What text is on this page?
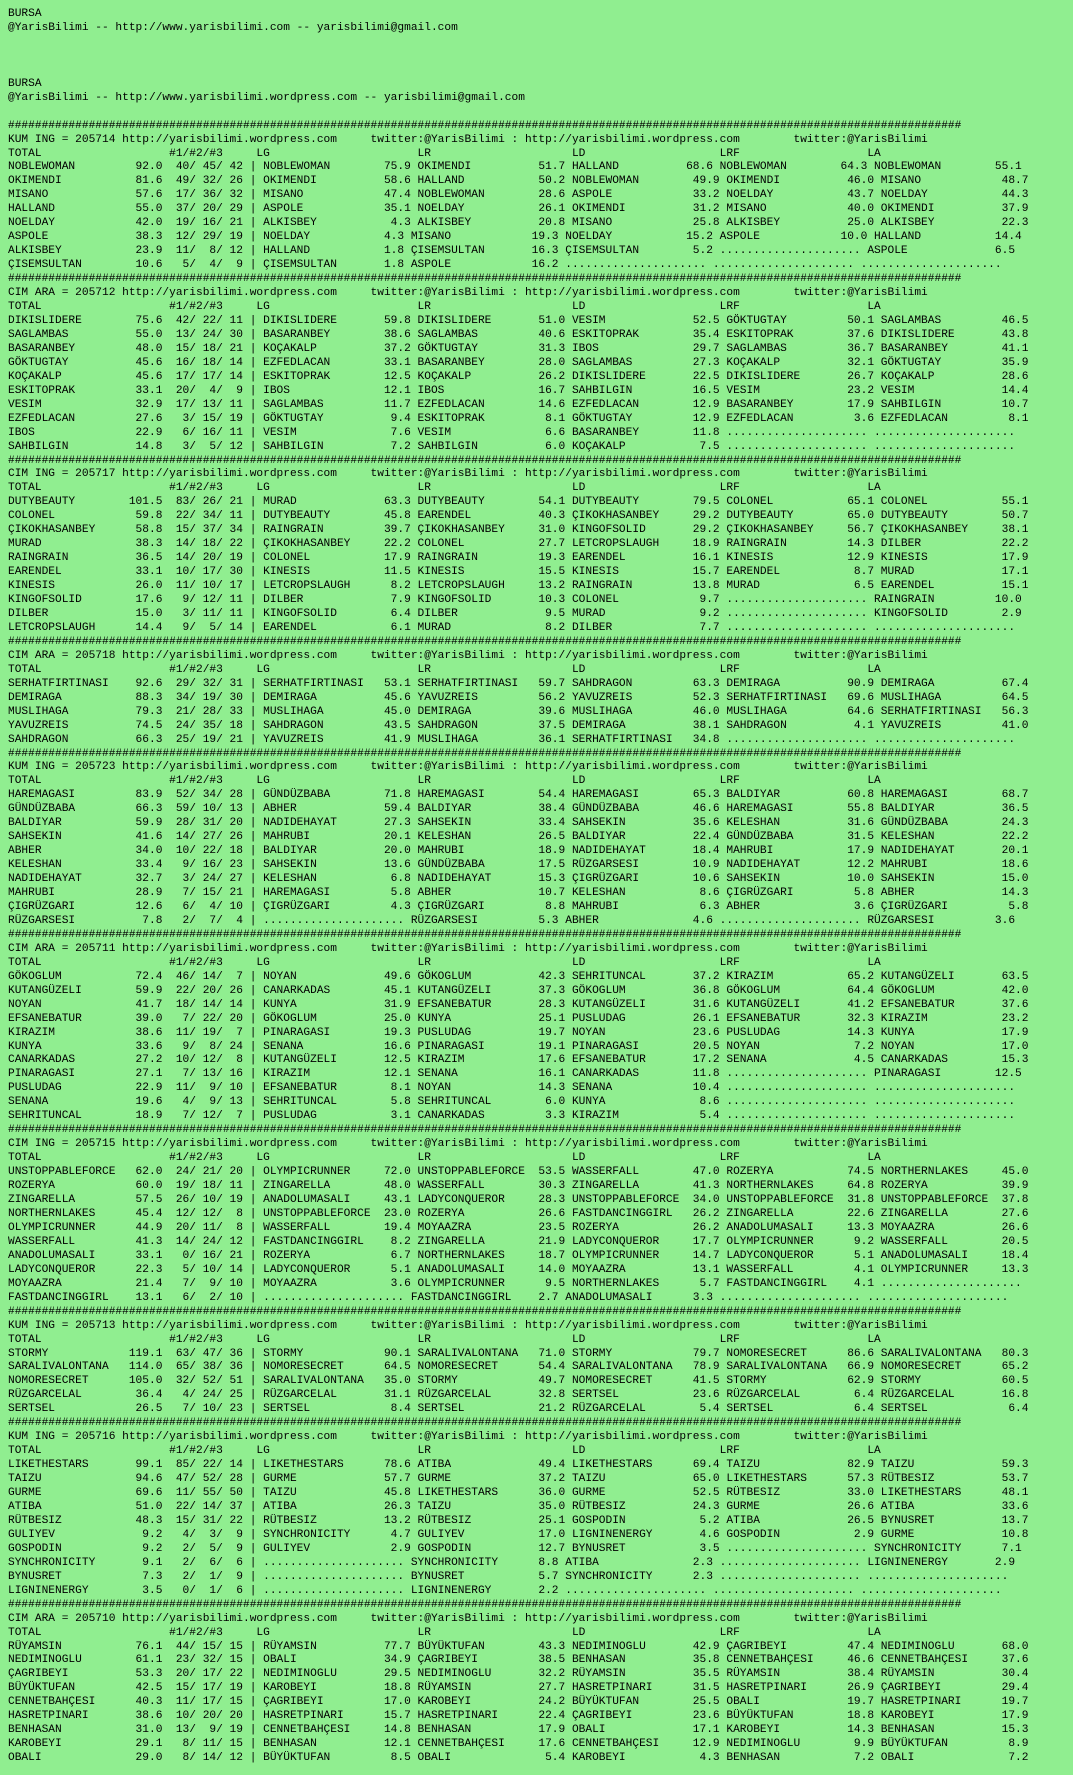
BURSA
@YarisBilimi -- http://www.yarisbilimi.com -- yarisbilimi@gmail.com

BURSA
@YarisBilimi -- http://www.yarisbilimi.wordpress.com -- yarisbilimi@gmail.com

##############################################################################################################################################
KUM ING = 205714 http://yarisbilimi.wordpress.com     twitter:@YarisBilimi : http://yarisbilimi.wordpress.com        twitter:@YarisBilimi
TOTAL                   #1/#2/#3     LG                      LR                     LD                    LRF                   LA
NOBLEWOMAN         92.0  40/ 45/ 42 | NOBLEWOMAN        75.9 OKIMENDI          51.7 HALLAND          68.6 NOBLEWOMAN        64.3 NOBLEWOMAN        55.1
OKIMENDI           81.6  49/ 32/ 26 | OKIMENDI          58.6 HALLAND           50.2 NOBLEWOMAN        49.9 OKIMENDI          46.0 MISANO            48.7
MISANO             57.6  17/ 36/ 32 | MISANO            47.4 NOBLEWOMAN        28.6 ASPOLE            33.2 NOELDAY           43.7 NOELDAY           44.3
HALLAND            55.0  37/ 20/ 29 | ASPOLE            35.1 NOELDAY           26.1 OKIMENDI          31.2 MISANO            40.0 OKIMENDI          37.9
NOELDAY            42.0  19/ 16/ 21 | ALKISBEY           4.3 ALKISBEY          20.8 MISANO            25.8 ALKISBEY          25.0 ALKISBEY          22.3
ASPOLE             38.3  12/ 29/ 19 | NOELDAY           4.3 MISANO            19.3 NOELDAY           15.2 ASPOLE            10.0 HALLAND           14.4
ALKISBEY           23.9  11/  8/ 12 | HALLAND           1.8 ÇISEMSULTAN       16.3 ÇISEMSULTAN        5.2 ..................... ASPOLE             6.5
ÇISEMSULTAN        10.6   5/  4/  9 | ÇISEMSULTAN       1.8 ASPOLE            16.2 ..................... ..................... .....................
##############################################################################################################################################
CIM ARA = 205712 http://yarisbilimi.wordpress.com     twitter:@YarisBilimi : http://yarisbilimi.wordpress.com        twitter:@YarisBilimi
TOTAL                   #1/#2/#3     LG                      LR                     LD                    LRF                   LA
DIKISLIDERE        75.6  42/ 22/ 11 | DIKISLIDERE       59.8 DIKISLIDERE       51.0 VESIM             52.5 GÖKTUGTAY         50.1 SAGLAMBAS         46.5
SAGLAMBAS          55.0  13/ 24/ 30 | BASARANBEY        38.6 SAGLAMBAS         40.6 ESKITOPRAK        35.4 ESKITOPRAK        37.6 DIKISLIDERE       43.8
BASARANBEY         48.0  15/ 18/ 21 | KOÇAKALP          37.2 GÖKTUGTAY         31.3 IBOS              29.7 SAGLAMBAS         36.7 BASARANBEY        41.1
GÖKTUGTAY          45.6  16/ 18/ 14 | EZFEDLACAN        33.1 BASARANBEY        28.0 SAGLAMBAS         27.3 KOÇAKALP          32.1 GÖKTUGTAY         35.9
KOÇAKALP           45.6  17/ 17/ 14 | ESKITOPRAK        12.5 KOÇAKALP          26.2 DIKISLIDERE       22.5 DIKISLIDERE       26.7 KOÇAKALP          28.6
ESKITOPRAK         33.1  20/  4/  9 | IBOS              12.1 IBOS              16.7 SAHBILGIN         16.5 VESIM             23.2 VESIM             14.4
VESIM              32.9  17/ 13/ 11 | SAGLAMBAS         11.7 EZFEDLACAN        14.6 EZFEDLACAN        12.9 BASARANBEY        17.9 SAHBILGIN         10.7
EZFEDLACAN         27.6   3/ 15/ 19 | GÖKTUGTAY          9.4 ESKITOPRAK         8.1 GÖKTUGTAY         12.9 EZFEDLACAN         3.6 EZFEDLACAN         8.1
IBOS               22.9   6/ 16/ 11 | VESIM              7.6 VESIM              6.6 BASARANBEY        11.8 ..................... .....................
SAHBILGIN          14.8   3/  5/ 12 | SAHBILGIN          7.2 SAHBILGIN          6.0 KOÇAKALP           7.5 ..................... .....................
##############################################################################################################################################
CIM ING = 205717 http://yarisbilimi.wordpress.com     twitter:@YarisBilimi : http://yarisbilimi.wordpress.com        twitter:@YarisBilimi
TOTAL                   #1/#2/#3     LG                      LR                     LD                    LRF                   LA
DUTYBEAUTY        101.5  83/ 26/ 21 | MURAD             63.3 DUTYBEAUTY        54.1 DUTYBEAUTY        79.5 COLONEL           65.1 COLONEL           55.1
COLONEL            59.8  22/ 34/ 11 | DUTYBEAUTY        45.8 EARENDEL          40.3 ÇIKOKHASANBEY     29.2 DUTYBEAUTY        65.0 DUTYBEAUTY        50.7
ÇIKOKHASANBEY      58.8  15/ 37/ 34 | RAINGRAIN         39.7 ÇIKOKHASANBEY     31.0 KINGOFSOLID       29.2 ÇIKOKHASANBEY     56.7 ÇIKOKHASANBEY     38.1
MURAD              38.3  14/ 18/ 22 | ÇIKOKHASANBEY     22.2 COLONEL           27.7 LETCROPSLAUGH     18.9 RAINGRAIN         14.3 DILBER            22.2
RAINGRAIN          36.5  14/ 20/ 19 | COLONEL           17.9 RAINGRAIN         19.3 EARENDEL          16.1 KINESIS           12.9 KINESIS           17.9
EARENDEL           33.1  10/ 17/ 30 | KINESIS           11.5 KINESIS           15.5 KINESIS           15.7 EARENDEL           8.7 MURAD             17.1
KINESIS            26.0  11/ 10/ 17 | LETCROPSLAUGH      8.2 LETCROPSLAUGH     13.2 RAINGRAIN         13.8 MURAD              6.5 EARENDEL          15.1
KINGOFSOLID        17.6   9/ 12/ 11 | DILBER             7.9 KINGOFSOLID       10.3 COLONEL            9.7 ..................... RAINGRAIN         10.0
DILBER             15.0   3/ 11/ 11 | KINGOFSOLID        6.4 DILBER             9.5 MURAD              9.2 ..................... KINGOFSOLID        2.9
LETCROPSLAUGH      14.4   9/  5/ 14 | EARENDEL           6.1 MURAD              8.2 DILBER             7.7 ..................... .....................
##############################################################################################################################################
CIM ARA = 205718 http://yarisbilimi.wordpress.com     twitter:@YarisBilimi : http://yarisbilimi.wordpress.com        twitter:@YarisBilimi
TOTAL                   #1/#2/#3     LG                      LR                     LD                    LRF                   LA
SERHATFIRTINASI    92.6  29/ 32/ 31 | SERHATFIRTINASI   53.1 SERHATFIRTINASI   59.7 SAHDRAGON         63.3 DEMIRAGA          90.9 DEMIRAGA          67.4
DEMIRAGA           88.3  34/ 19/ 30 | DEMIRAGA          45.6 YAVUZREIS         56.2 YAVUZREIS         52.3 SERHATFIRTINASI   69.6 MUSLIHAGA         64.5
MUSLIHAGA          79.3  21/ 28/ 33 | MUSLIHAGA         45.0 DEMIRAGA          39.6 MUSLIHAGA         46.0 MUSLIHAGA         64.6 SERHATFIRTINASI   56.3
YAVUZREIS          74.5  24/ 35/ 18 | SAHDRAGON         43.5 SAHDRAGON         37.5 DEMIRAGA          38.1 SAHDRAGON          4.1 YAVUZREIS         41.0
SAHDRAGON          66.3  25/ 19/ 21 | YAVUZREIS         41.9 MUSLIHAGA         36.1 SERHATFIRTINASI   34.8 ..................... .....................
##############################################################################################################################################
KUM ING = 205723 http://yarisbilimi.wordpress.com     twitter:@YarisBilimi : http://yarisbilimi.wordpress.com        twitter:@YarisBilimi
TOTAL                   #1/#2/#3     LG                      LR                     LD                    LRF                   LA
HAREMAGASI         83.9  52/ 34/ 28 | GÜNDÜZBABA        71.8 HAREMAGASI        54.4 HAREMAGASI        65.3 BALDIYAR          60.8 HAREMAGASI        68.7
GÜNDÜZBABA         66.3  59/ 10/ 13 | ABHER             59.4 BALDIYAR          38.4 GÜNDÜZBABA        46.6 HAREMAGASI        55.8 BALDIYAR          36.5
BALDIYAR           59.9  28/ 31/ 20 | NADIDEHAYAT       27.3 SAHSEKIN          33.4 SAHSEKIN          35.6 KELESHAN          31.6 GÜNDÜZBABA        24.3
SAHSEKIN           41.6  14/ 27/ 26 | MAHRUBI           20.1 KELESHAN          26.5 BALDIYAR          22.4 GÜNDÜZBABA        31.5 KELESHAN          22.2
ABHER              34.0  10/ 22/ 18 | BALDIYAR          20.0 MAHRUBI           18.9 NADIDEHAYAT       18.4 MAHRUBI           17.9 NADIDEHAYAT       20.1
KELESHAN           33.4   9/ 16/ 23 | SAHSEKIN          13.6 GÜNDÜZBABA        17.5 RÜZGARSESI        10.9 NADIDEHAYAT       12.2 MAHRUBI           18.6
NADIDEHAYAT        32.7   3/ 24/ 27 | KELESHAN           6.8 NADIDEHAYAT       15.3 ÇIGRÜZGARI        10.6 SAHSEKIN          10.0 SAHSEKIN          15.0
MAHRUBI            28.9   7/ 15/ 21 | HAREMAGASI         5.8 ABHER             10.7 KELESHAN           8.6 ÇIGRÜZGARI         5.8 ABHER             14.3
ÇIGRÜZGARI         12.6   6/  4/ 10 | ÇIGRÜZGARI         4.3 ÇIGRÜZGARI         8.8 MAHRUBI            6.3 ABHER              3.6 ÇIGRÜZGARI         5.8
RÜZGARSESI          7.8   2/  7/  4 | ..................... RÜZGARSESI         5.3 ABHER              4.6 ..................... RÜZGARSESI         3.6
##############################################################################################################################################
CIM ARA = 205711 http://yarisbilimi.wordpress.com     twitter:@YarisBilimi : http://yarisbilimi.wordpress.com        twitter:@YarisBilimi
TOTAL                   #1/#2/#3     LG                      LR                     LD                    LRF                   LA
GÖKOGLUM           72.4  46/ 14/  7 | NOYAN             49.6 GÖKOGLUM          42.3 SEHRITUNCAL       37.2 KIRAZIM           65.2 KUTANGÜZELI       63.5
KUTANGÜZELI        59.9  22/ 20/ 26 | CANARKADAS        45.1 KUTANGÜZELI       37.3 GÖKOGLUM          36.8 GÖKOGLUM          64.4 GÖKOGLUM          42.0
NOYAN              41.7  18/ 14/ 14 | KUNYA             31.9 EFSANEBATUR       28.3 KUTANGÜZELI       31.6 KUTANGÜZELI       41.2 EFSANEBATUR       37.6
EFSANEBATUR        39.0   7/ 22/ 20 | GÖKOGLUM          25.0 KUNYA             25.1 PUSLUDAG          26.1 EFSANEBATUR       32.3 KIRAZIM           23.2
KIRAZIM            38.6  11/ 19/  7 | PINARAGASI        19.3 PUSLUDAG          19.7 NOYAN             23.6 PUSLUDAG          14.3 KUNYA             17.9
KUNYA              33.6   9/  8/ 24 | SENANA            16.6 PINARAGASI        19.1 PINARAGASI        20.5 NOYAN              7.2 NOYAN             17.0
CANARKADAS         27.2  10/ 12/  8 | KUTANGÜZELI       12.5 KIRAZIM           17.6 EFSANEBATUR       17.2 SENANA             4.5 CANARKADAS        15.3
PINARAGASI         27.1   7/ 13/ 16 | KIRAZIM           12.1 SENANA            16.1 CANARKADAS        11.8 ..................... PINARAGASI        12.5
PUSLUDAG           22.9  11/  9/ 10 | EFSANEBATUR        8.1 NOYAN             14.3 SENANA            10.4 ..................... .....................
SENANA             19.6   4/  9/ 13 | SEHRITUNCAL        5.8 SEHRITUNCAL        6.0 KUNYA              8.6 ..................... .....................
SEHRITUNCAL        18.9   7/ 12/  7 | PUSLUDAG           3.1 CANARKADAS         3.3 KIRAZIM            5.4 ..................... .....................
##############################################################################################################################################
CIM ING = 205715 http://yarisbilimi.wordpress.com     twitter:@YarisBilimi : http://yarisbilimi.wordpress.com        twitter:@YarisBilimi
TOTAL                   #1/#2/#3     LG                      LR                     LD                    LRF                   LA
UNSTOPPABLEFORCE   62.0  24/ 21/ 20 | OLYMPICRUNNER     72.0 UNSTOPPABLEFORCE  53.5 WASSERFALL        47.0 ROZERYA           74.5 NORTHERNLAKES     45.0
ROZERYA            60.0  19/ 18/ 11 | ZINGARELLA        48.0 WASSERFALL        30.3 ZINGARELLA        41.3 NORTHERNLAKES     64.8 ROZERYA           39.9
ZINGARELLA         57.5  26/ 10/ 19 | ANADOLUMASALI     43.1 LADYCONQUEROR     28.3 UNSTOPPABLEFORCE  34.0 UNSTOPPABLEFORCE  31.8 UNSTOPPABLEFORCE  37.8
NORTHERNLAKES      45.4  12/ 12/  8 | UNSTOPPABLEFORCE  23.0 ROZERYA           26.6 FASTDANCINGGIRL   26.2 ZINGARELLA        22.6 ZINGARELLA        27.6
OLYMPICRUNNER      44.9  20/ 11/  8 | WASSERFALL        19.4 MOYAAZRA          23.5 ROZERYA           26.2 ANADOLUMASALI     13.3 MOYAAZRA          26.6
WASSERFALL         41.3  14/ 24/ 12 | FASTDANCINGGIRL    8.2 ZINGARELLA        21.9 LADYCONQUEROR     17.7 OLYMPICRUNNER      9.2 WASSERFALL        20.5
ANADOLUMASALI      33.1   0/ 16/ 21 | ROZERYA            6.7 NORTHERNLAKES     18.7 OLYMPICRUNNER     14.7 LADYCONQUEROR      5.1 ANADOLUMASALI     18.4
LADYCONQUEROR      22.3   5/ 10/ 14 | LADYCONQUEROR      5.1 ANADOLUMASALI     14.0 MOYAAZRA          13.1 WASSERFALL         4.1 OLYMPICRUNNER     13.3
MOYAAZRA           21.4   7/  9/ 10 | MOYAAZRA           3.6 OLYMPICRUNNER      9.5 NORTHERNLAKES      5.7 FASTDANCINGGIRL    4.1 .....................
FASTDANCINGGIRL    13.1   6/  2/ 10 | ..................... FASTDANCINGGIRL    2.7 ANADOLUMASALI      3.3 ..................... .....................
##############################################################################################################################################
KUM ING = 205713 http://yarisbilimi.wordpress.com     twitter:@YarisBilimi : http://yarisbilimi.wordpress.com        twitter:@YarisBilimi
TOTAL                   #1/#2/#3     LG                      LR                     LD                    LRF                   LA
STORMY            119.1  63/ 47/ 36 | STORMY            90.1 SARALIVALONTANA   71.0 STORMY            79.7 NOMORESECRET      86.6 SARALIVALONTANA   80.3
SARALIVALONTANA   114.0  65/ 38/ 36 | NOMORESECRET      64.5 NOMORESECRET      54.4 SARALIVALONTANA   78.9 SARALIVALONTANA   66.9 NOMORESECRET      65.2
NOMORESECRET      105.0  32/ 52/ 51 | SARALIVALONTANA   35.0 STORMY            49.7 NOMORESECRET      41.5 STORMY            62.9 STORMY            60.5
RÜZGARCELAL        36.4   4/ 24/ 25 | RÜZGARCELAL       31.1 RÜZGARCELAL       32.8 SERTSEL           23.6 RÜZGARCELAL        6.4 RÜZGARCELAL       16.8
SERTSEL            26.5   7/ 10/ 23 | SERTSEL            8.4 SERTSEL           21.2 RÜZGARCELAL        5.4 SERTSEL            6.4 SERTSEL            6.4
##############################################################################################################################################
KUM ING = 205716 http://yarisbilimi.wordpress.com     twitter:@YarisBilimi : http://yarisbilimi.wordpress.com        twitter:@YarisBilimi
TOTAL                   #1/#2/#3     LG                      LR                     LD                    LRF                   LA
LIKETHESTARS       99.1  85/ 22/ 14 | LIKETHESTARS      78.6 ATIBA             49.4 LIKETHESTARS      69.4 TAIZU             82.9 TAIZU             59.3
TAIZU              94.6  47/ 52/ 28 | GURME             57.7 GURME             37.2 TAIZU             65.0 LIKETHESTARS      57.3 RÜTBESIZ          53.7
GURME              69.6  11/ 55/ 50 | TAIZU             45.8 LIKETHESTARS      36.0 GURME             52.5 RÜTBESIZ          33.0 LIKETHESTARS      48.1
ATIBA              51.0  22/ 14/ 37 | ATIBA             26.3 TAIZU             35.0 RÜTBESIZ          24.3 GURME             26.6 ATIBA             33.6
RÜTBESIZ           48.3  15/ 31/ 22 | RÜTBESIZ          13.2 RÜTBESIZ          25.1 GOSPODIN           5.2 ATIBA             26.5 BYNUSRET          13.7
GULIYEV             9.2   4/  3/  9 | SYNCHRONICITY      4.7 GULIYEV           17.0 LIGNINENERGY       4.6 GOSPODIN           2.9 GURME             10.8
GOSPODIN            9.2   2/  5/  9 | GULIYEV            2.9 GOSPODIN          12.7 BYNUSRET           3.5 ..................... SYNCHRONICITY      7.1
SYNCHRONICITY       9.1   2/  6/  6 | ..................... SYNCHRONICITY      8.8 ATIBA              2.3 ..................... LIGNINENERGY       2.9
BYNUSRET            7.3   2/  1/  9 | ..................... BYNUSRET           5.7 SYNCHRONICITY      2.3 ..................... .....................
LIGNINENERGY        3.5   0/  1/  6 | ..................... LIGNINENERGY       2.2 ..................... ..................... .....................
##############################################################################################################################################
CIM ARA = 205710 http://yarisbilimi.wordpress.com     twitter:@YarisBilimi : http://yarisbilimi.wordpress.com        twitter:@YarisBilimi
TOTAL                   #1/#2/#3     LG                      LR                     LD                    LRF                   LA
RÜYAMSIN           76.1  44/ 15/ 15 | RÜYAMSIN          77.7 BÜYÜKTUFAN        43.3 NEDIMINOGLU       42.9 ÇAGRIBEYI         47.4 NEDIMINOGLU       68.0
NEDIMINOGLU        61.1  23/ 32/ 15 | OBALI             34.9 ÇAGRIBEYI         38.5 BENHASAN          35.8 CENNETBAHÇESI     46.6 CENNETBAHÇESI     37.6
ÇAGRIBEYI          53.3  20/ 17/ 22 | NEDIMINOGLU       29.5 NEDIMINOGLU       32.2 RÜYAMSIN          35.5 RÜYAMSIN          38.4 RÜYAMSIN          30.4
BÜYÜKTUFAN         42.5  15/ 17/ 19 | KAROBEYI          18.8 RÜYAMSIN          27.7 HASRETPINARI      31.5 HASRETPINARI      26.9 ÇAGRIBEYI         29.4
CENNETBAHÇESI      40.3  11/ 17/ 15 | ÇAGRIBEYI         17.0 KAROBEYI          24.2 BÜYÜKTUFAN        25.5 OBALI             19.7 HASRETPINARI      19.7
HASRETPINARI       38.6  10/ 20/ 20 | HASRETPINARI      15.7 HASRETPINARI      22.4 ÇAGRIBEYI         23.6 BÜYÜKTUFAN        18.8 KAROBEYI          17.9
BENHASAN           31.0  13/  9/ 19 | CENNETBAHÇESI     14.8 BENHASAN          17.9 OBALI             17.1 KAROBEYI          14.3 BENHASAN          15.3
KAROBEYI           29.1   8/ 11/ 15 | BENHASAN          12.1 CENNETBAHÇESI     17.6 CENNETBAHÇESI     12.9 NEDIMINOGLU        9.9 BÜYÜKTUFAN         8.9
OBALI              29.0   8/ 14/ 12 | BÜYÜKTUFAN         8.5 OBALI              5.4 KAROBEYI           4.3 BENHASAN           7.2 OBALI              7.2
